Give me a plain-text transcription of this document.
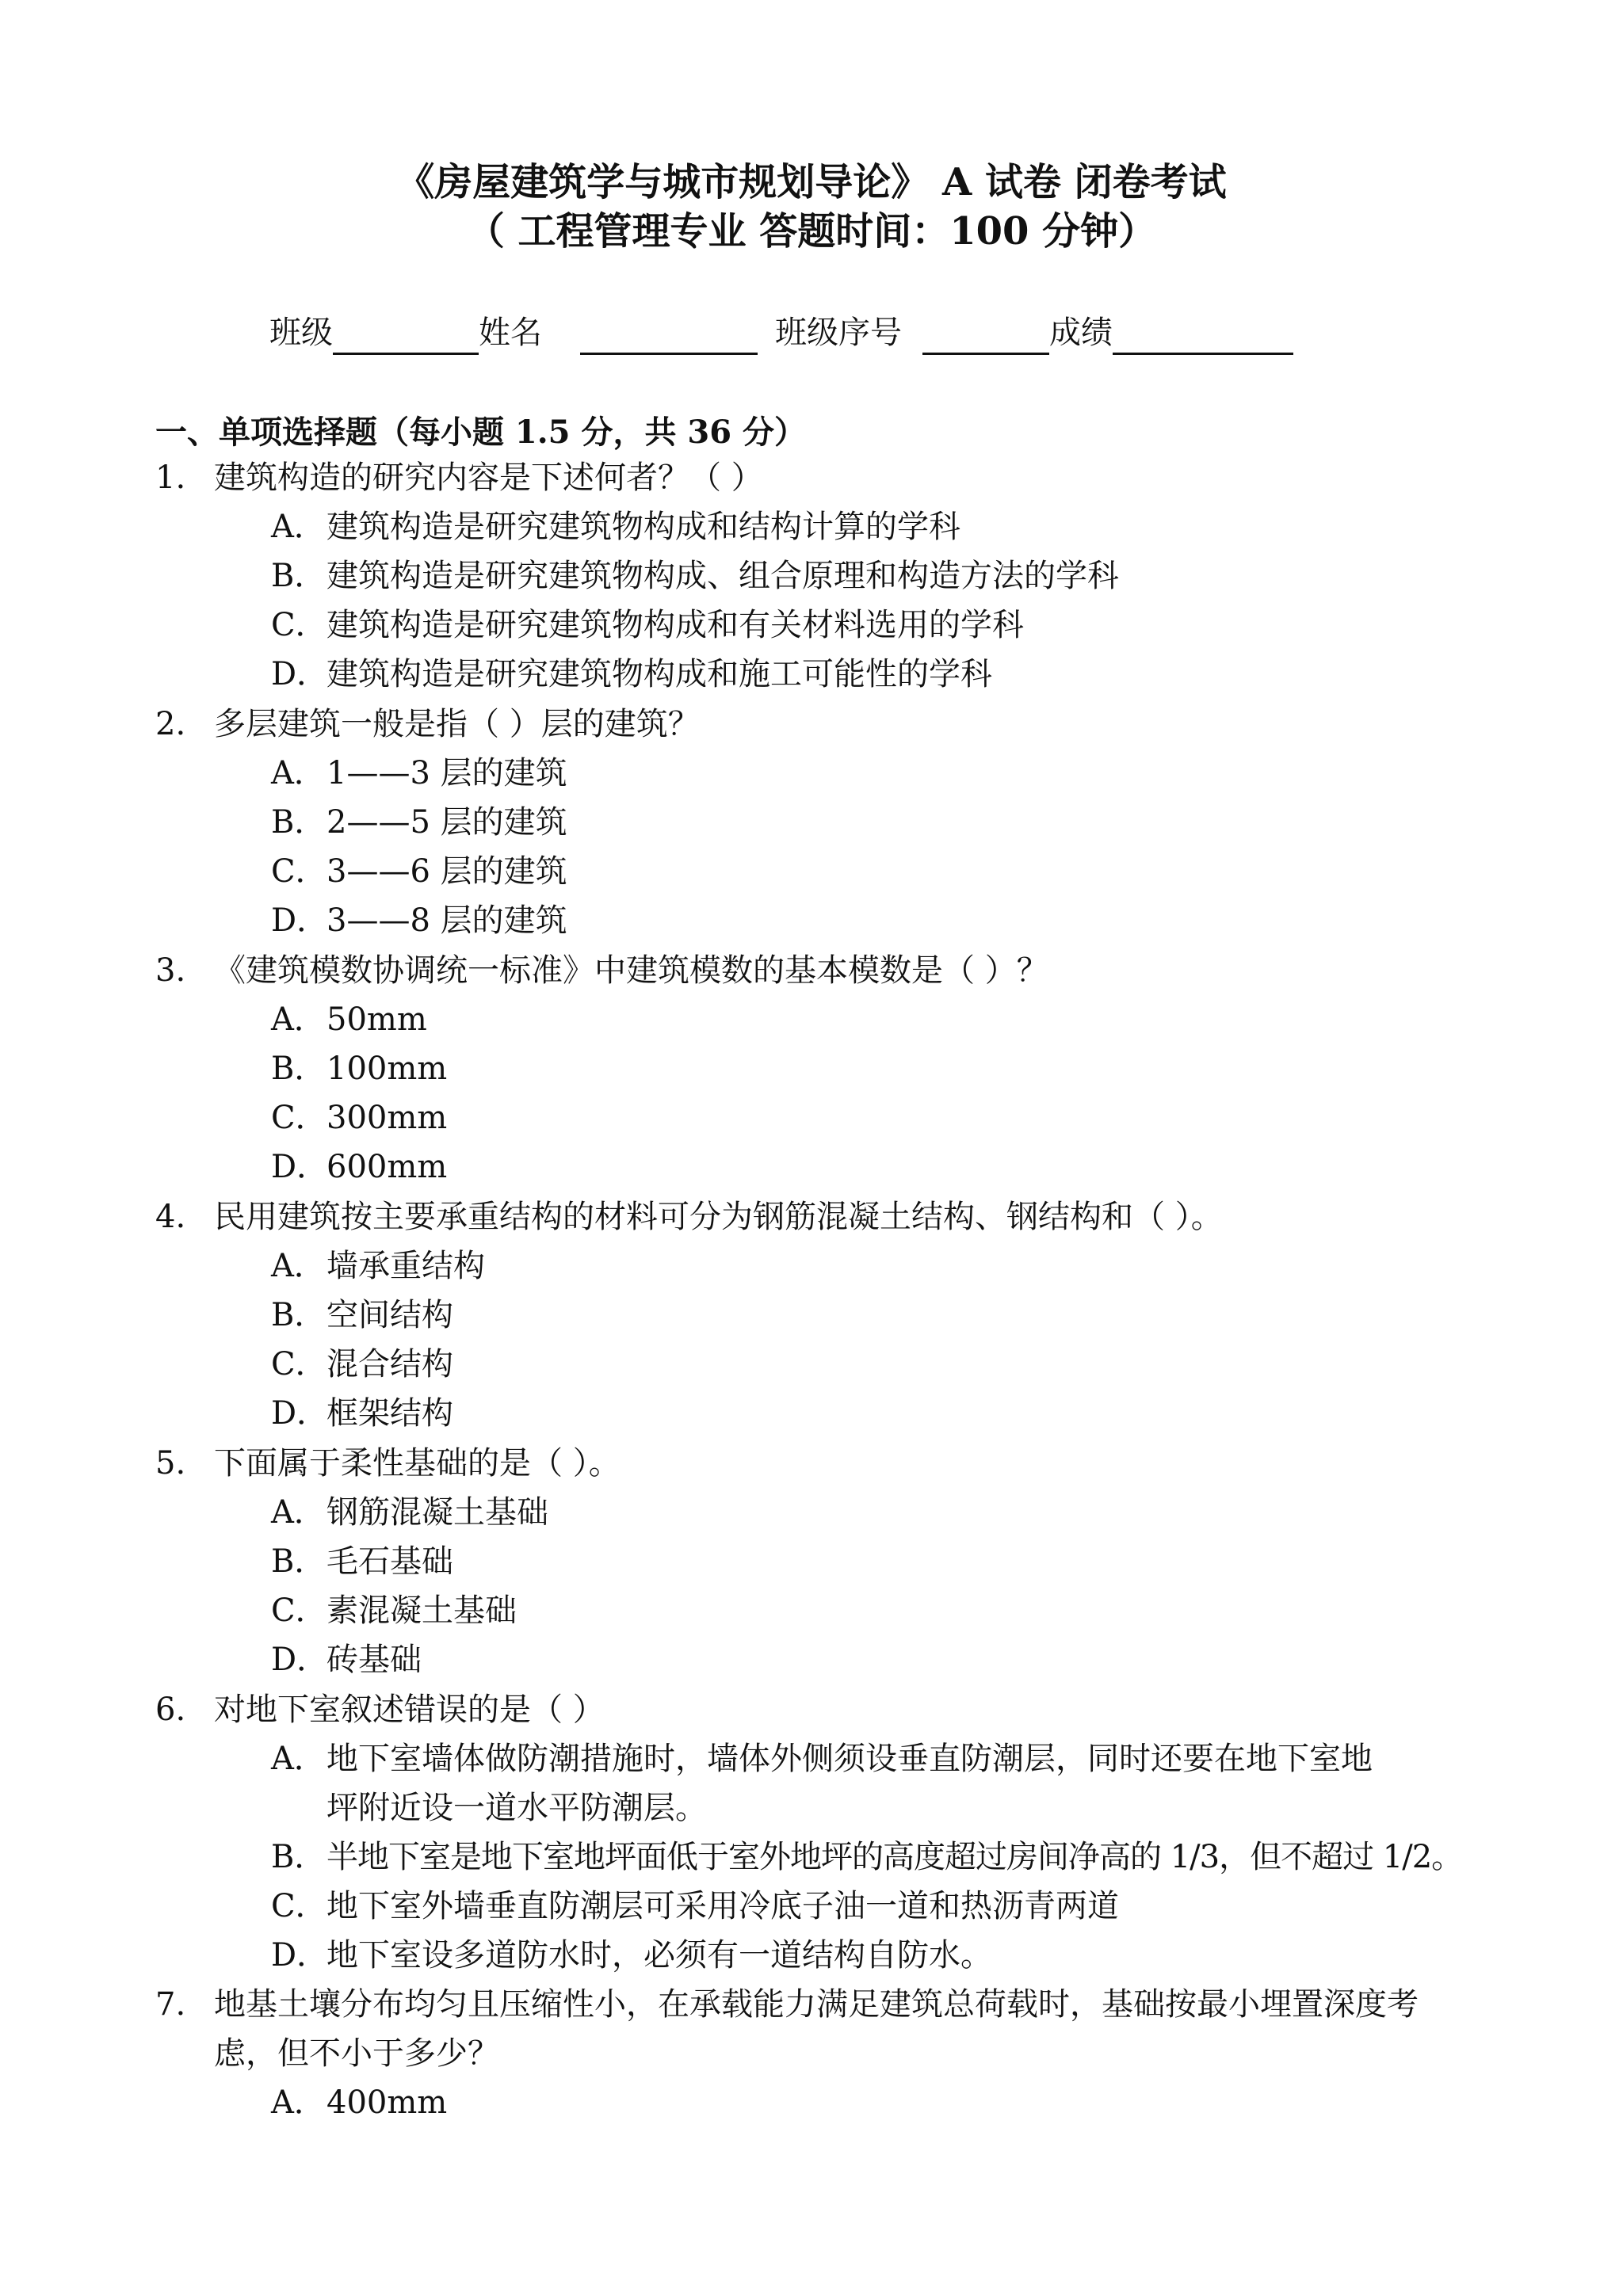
《房屋建筑学与城市规划导论》 A 试卷 闭卷考试
（ 工程管理专业 答题时间：100 分钟）
班级	姓名	班级序号	成绩
一、单项选择题（每小题 1.5 分，共 36 分）
1. 建筑构造的研究内容是下述何者？（ ）
A． 建筑构造是研究建筑物构成和结构计算的学科
B． 建筑构造是研究建筑物构成、组合原理和构造方法的学科
C． 建筑构造是研究建筑物构成和有关材料选用的学科
D．
建筑构造是研究建筑物构成和施工可能性的学科
2. 多层建筑一般是指（ ）层的建筑？
A． 1——3 层的建筑
B． 2——5 层的建筑
C． 3——6 层的建筑
D．
3——8 层的建筑
3. 《建筑模数协调统一标准》中建筑模数的基本模数是（ ）？
A． 50mm
B． 100mm
C． 300mm
D．
600mm
4. 民用建筑按主要承重结构的材料可分为钢筋混凝土结构、钢结构和（ ）。
A． 墙承重结构
B． 空间结构
C． 混合结构
D．
框架结构
5. 下面属于柔性基础的是（ ）。
A． 钢筋混凝土基础
B． 毛石基础
C． 素混凝土基础
D．
砖基础
6. 对地下室叙述错误的是（ ）
A． 地下室墙体做防潮措施时，墙体外侧须设垂直防潮层，同时还要在地下室地坪附近设一道水平防潮层。
B． 半地下室是地下室地坪面低于室外地坪的高度超过房间净高的 1/3，但不超过 1/2。
C． 地下室外墙垂直防潮层可采用冷底子油一道和热沥青两道
D．
地下室设多道防水时，必须有一道结构自防水。
7. 地基土壤分布均匀且压缩性小，在承载能力满足建筑总荷载时，基础按最小埋置深度考虑，但不小于多少？
A． 400mm
